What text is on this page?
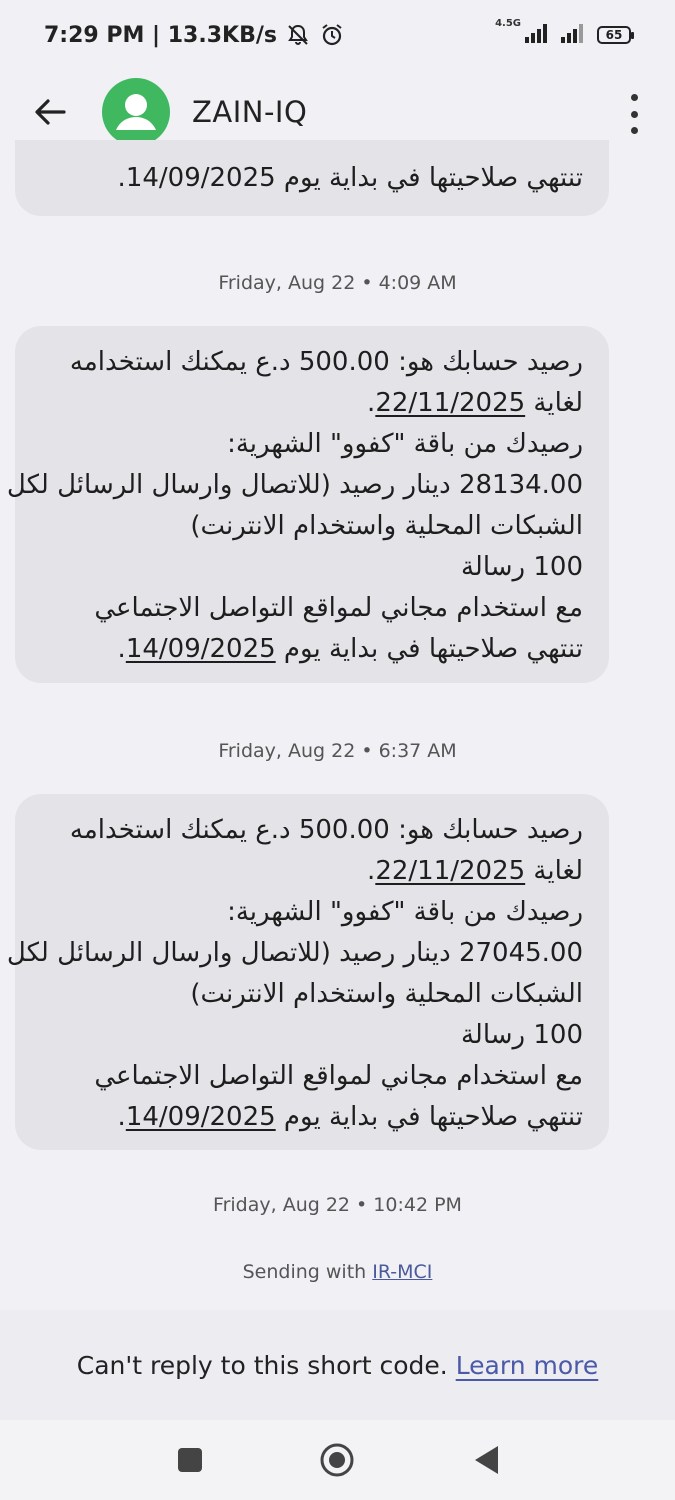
7:29 PM | 13.3KB/s	4.5G
65
ZAIN-IQ
تنتهي صلاحيتها في بداية يوم 14/09/2025.
Friday, Aug 22 • 4:09 AM
رصيد حسابك هو: 500.00 د.ع يمكنك استخدامه
لغاية 22/11/2025.
رصيدك من باقة "كفوو" الشهرية:
28134.00 دينار رصيد (للاتصال وارسال الرسائل لكل
الشبكات المحلية واستخدام الانترنت)
100 رسالة
مع استخدام مجاني لمواقع التواصل الاجتماعي
تنتهي صلاحيتها في بداية يوم 14/09/2025.
Friday, Aug 22 • 6:37 AM
رصيد حسابك هو: 500.00 د.ع يمكنك استخدامه
لغاية 22/11/2025.
رصيدك من باقة "كفوو" الشهرية:
27045.00 دينار رصيد (للاتصال وارسال الرسائل لكل
الشبكات المحلية واستخدام الانترنت)
100 رسالة
مع استخدام مجاني لمواقع التواصل الاجتماعي
تنتهي صلاحيتها في بداية يوم 14/09/2025.
Friday, Aug 22 • 10:42 PM
Sending with IR-MCI
Can't reply to this short code. Learn more
